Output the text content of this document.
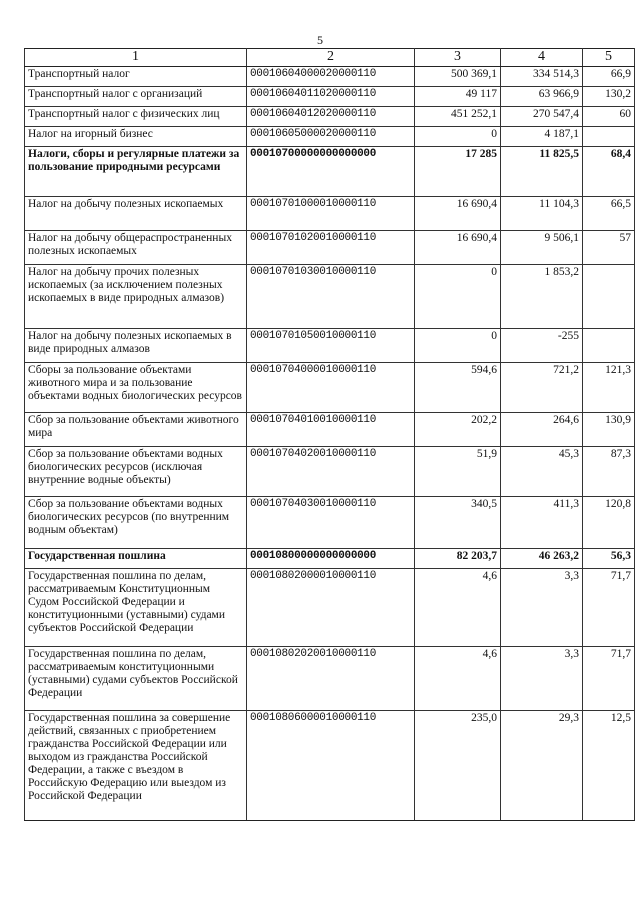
5
1	2	3	4	5
Транспортный налог	00010604000020000110	500 369,1	334 514,3	66,9
Транспортный налог с организаций	00010604011020000110	49 117	63 966,9	130,2
Транспортный налог с физических лиц	00010604012020000110	451 252,1	270 547,4	60
Налог на игорный бизнес	00010605000020000110	0	4 187,1	
Налоги, сборы и регулярные платежи за пользование природными ресурсами	00010700000000000000	17 285	11 825,5	68,4
Налог на добычу полезных ископаемых	00010701000010000110	16 690,4	11 104,3	66,5
Налог на добычу общераспространенных полезных ископаемых	00010701020010000110	16 690,4	9 506,1	57
Налог на добычу прочих полезных ископаемых (за исключением полезных ископаемых в виде природных алмазов)	00010701030010000110	0	1 853,2	
Налог на добычу полезных ископаемых в виде природных алмазов	00010701050010000110	0	-255	
Сборы за пользование объектами животного мира и за пользование объектами водных биологических ресурсов	00010704000010000110	594,6	721,2	121,3
Сбор за пользование объектами животного мира	00010704010010000110	202,2	264,6	130,9
Сбор за пользование объектами водных биологических ресурсов (исключая внутренние водные объекты)	00010704020010000110	51,9	45,3	87,3
Сбор за пользование объектами водных биологических ресурсов (по внутренним водным объектам)	00010704030010000110	340,5	411,3	120,8
Государственная пошлина	00010800000000000000	82 203,7	46 263,2	56,3
Государственная пошлина по делам, рассматриваемым Конституционным Судом Российской Федерации и конституционными (уставными) судами субъектов Российской Федерации	00010802000010000110	4,6	3,3	71,7
Государственная пошлина по делам, рассматриваемым конституционными (уставными) судами субъектов Российской Федерации	00010802020010000110	4,6	3,3	71,7
Государственная пошлина за совершение действий, связанных с приобретением гражданства Российской Федерации или выходом из гражданства Российской Федерации, а также с въездом в Российскую Федерацию или выездом из Российской Федерации	00010806000010000110	235,0	29,3	12,5
